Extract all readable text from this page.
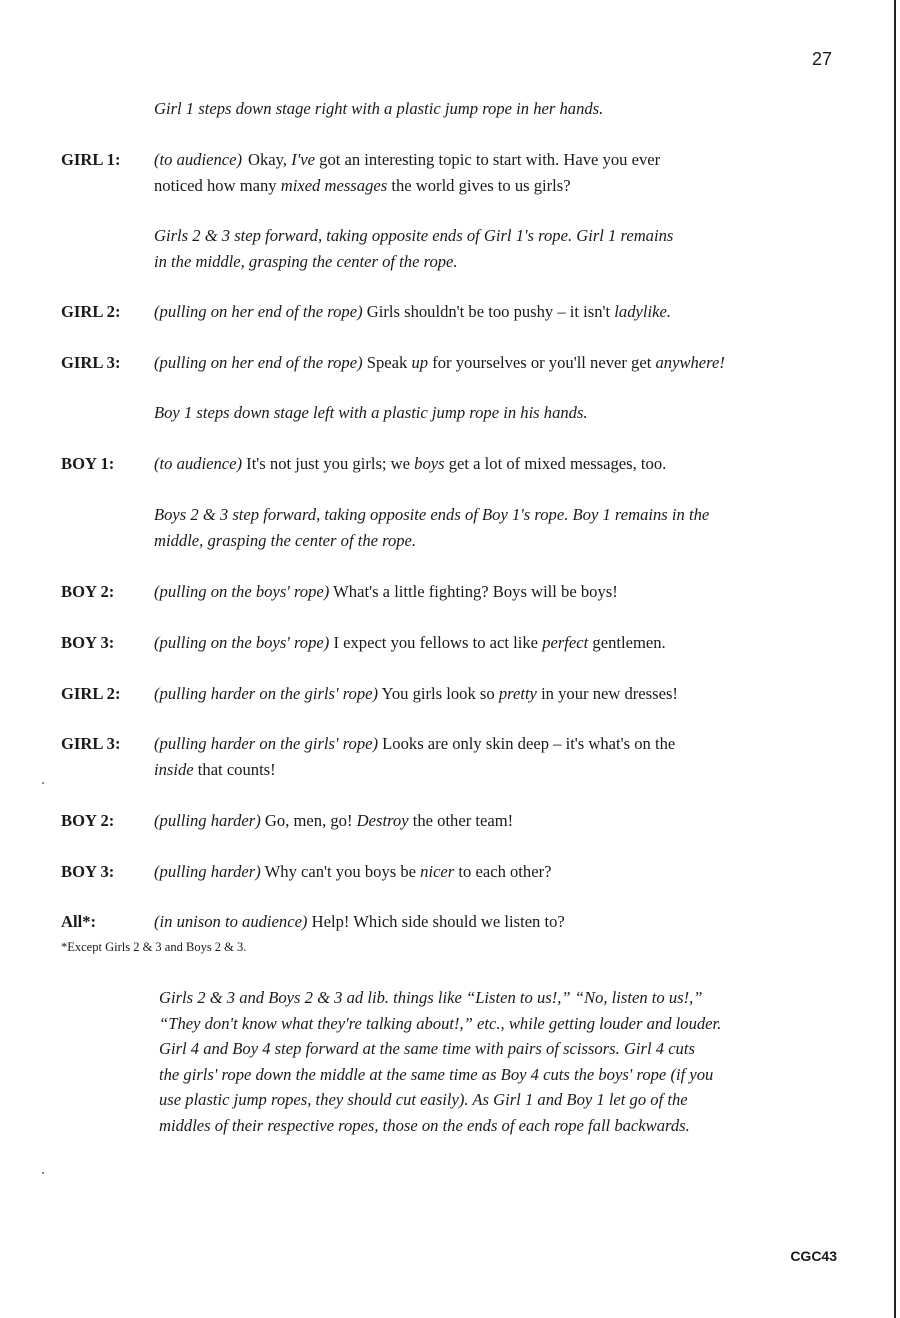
27
Girl 1 steps down stage right with a plastic jump rope in her hands.
GIRL 1: (to audience) Okay, I've got an interesting topic to start with. Have you ever
noticed how many mixed messages the world gives to us girls?
Girls 2 & 3 step forward, taking opposite ends of Girl 1's rope. Girl 1 remains
in the middle, grasping the center of the rope.
GIRL 2: (pulling on her end of the rope) Girls shouldn't be too pushy – it isn't ladylike.
GIRL 3: (pulling on her end of the rope) Speak up for yourselves or you'll never get anywhere!
Boy 1 steps down stage left with a plastic jump rope in his hands.
BOY 1: (to audience) It's not just you girls; we boys get a lot of mixed messages, too.
Boys 2 & 3 step forward, taking opposite ends of Boy 1's rope. Boy 1 remains in the
middle, grasping the center of the rope.
BOY 2: (pulling on the boys' rope) What's a little fighting? Boys will be boys!
BOY 3: (pulling on the boys' rope) I expect you fellows to act like perfect gentlemen.
GIRL 2: (pulling harder on the girls' rope) You girls look so pretty in your new dresses!
GIRL 3: (pulling harder on the girls' rope) Looks are only skin deep – it's what's on the
inside that counts!
BOY 2: (pulling harder) Go, men, go! Destroy the other team!
BOY 3: (pulling harder) Why can't you boys be nicer to each other?
All*:	(in unison to audience) Help! Which side should we listen to?
*Except Girls 2 & 3 and Boys 2 & 3.
Girls 2 & 3 and Boys 2 & 3 ad lib. things like “Listen to us!,” “No, listen to us!,”
“They don't know what they're talking about!,” etc., while getting louder and louder.
Girl 4 and Boy 4 step forward at the same time with pairs of scissors. Girl 4 cuts
the girls' rope down the middle at the same time as Boy 4 cuts the boys' rope (if you
use plastic jump ropes, they should cut easily). As Girl 1 and Boy 1 let go of the
middles of their respective ropes, those on the ends of each rope fall backwards.
CGC43
